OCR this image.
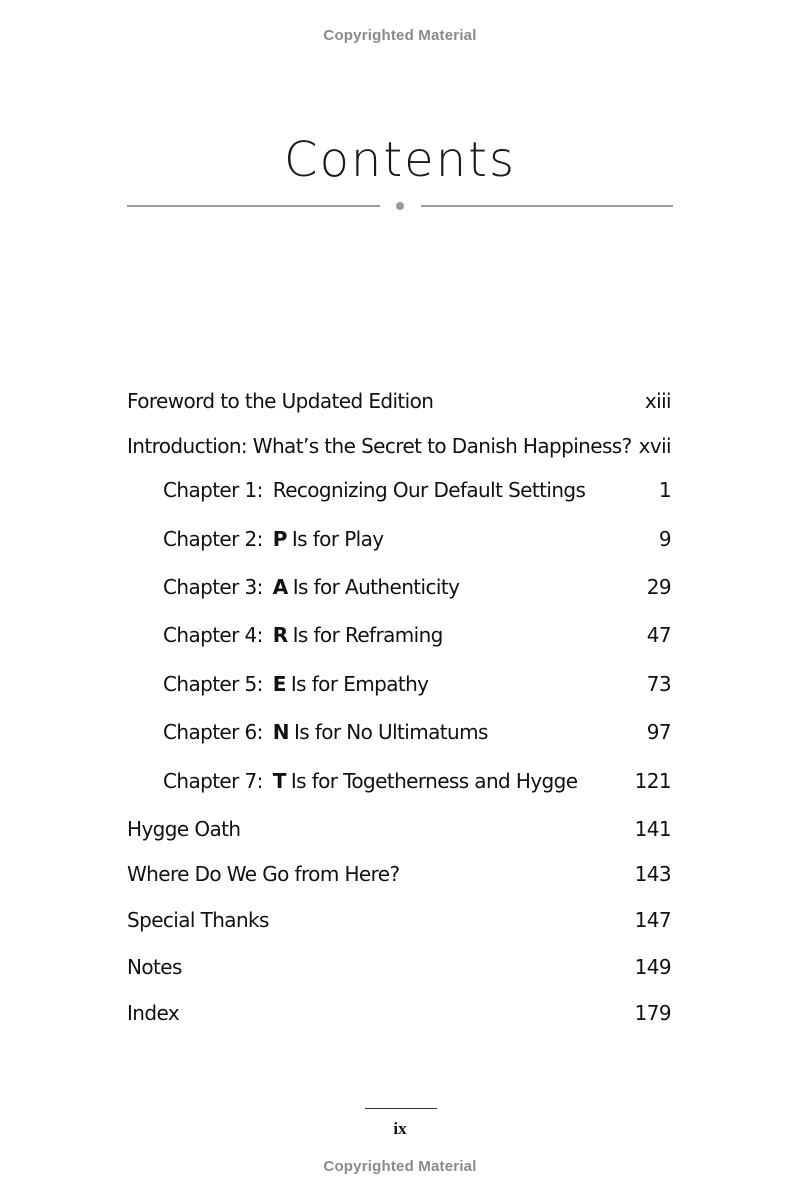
Copyrighted Material
Contents
Foreword to the Updated Edition	xiii
Introduction: What’s the Secret to Danish Happiness? xvii
Chapter 1: Recognizing Our Default Settings	1
Chapter 2: P Is for Play	9
Chapter 3: A Is for Authenticity	29
Chapter 4: R Is for Reframing	47
Chapter 5: E Is for Empathy	73
Chapter 6: N Is for No Ultimatums	97
Chapter 7: T Is for Togetherness and Hygge	121
Hygge Oath	141
Where Do We Go from Here?	143
Special Thanks	147
Notes	149
Index	179
ix
Copyrighted Material
